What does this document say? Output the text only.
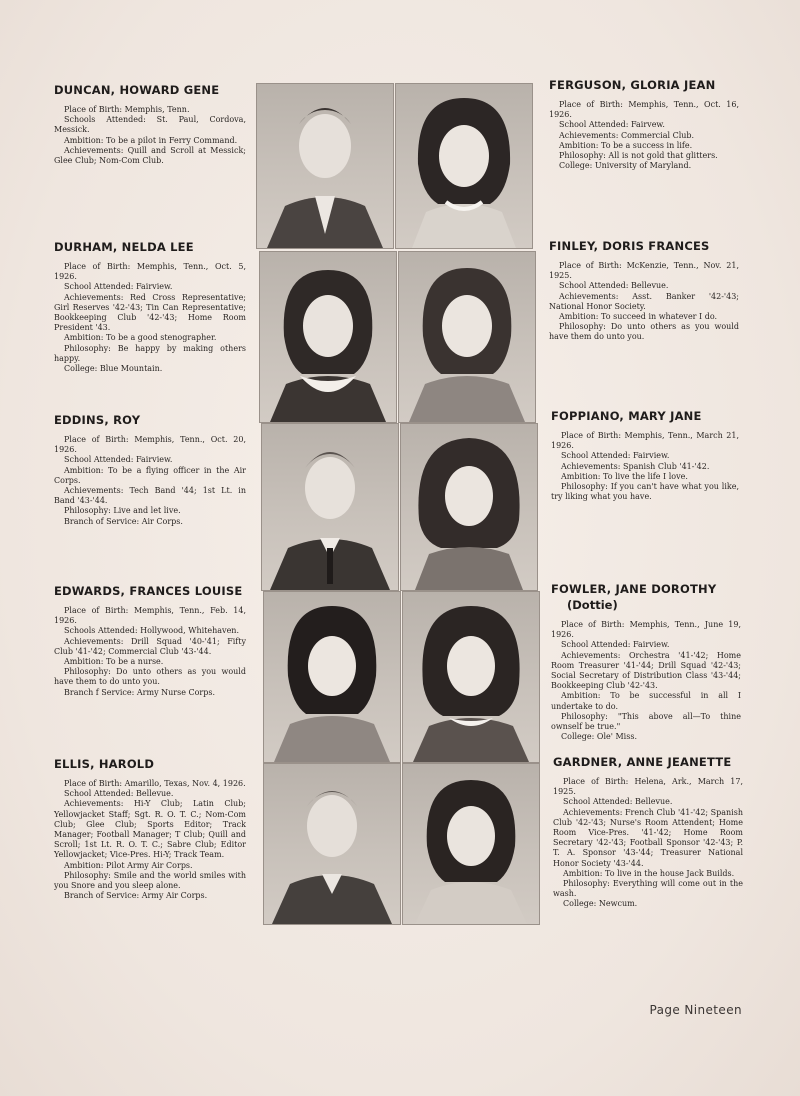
DUNCAN, HOWARD GENE

Place of Birth: Memphis, Tenn.

Schools Attended: St. Paul, Cordova, Messick.

Ambition: To be a pilot in Ferry Command.

Achievements: Quill and Scroll at Messick; Glee Club; Nom-Com Club.

DURHAM, NELDA LEE

Place of Birth: Memphis, Tenn., Oct. 5, 1926.

School Attended: Fairview.

Achievements: Red Cross Representative; Girl Reserves '42-'43; Tin Can Representative; Bookkeeping Club '42-'43; Home Room President '43.

Ambition: To be a good stenographer.

Philosophy: Be happy by making others happy.

College: Blue Mountain.

EDDINS, ROY

Place of Birth: Memphis, Tenn., Oct. 20, 1926.

School Attended: Fairview.

Ambition: To be a flying officer in the Air Corps.

Achievements: Tech Band '44; 1st Lt. in Band '43-'44.

Philosophy: Live and let live.

Branch of Service: Air Corps.

EDWARDS, FRANCES LOUISE

Place of Birth: Memphis, Tenn., Feb. 14, 1926.

Schools Attended: Hollywood, Whitehaven.

Achievements: Drill Squad '40-'41; Fifty Club '41-'42; Commercial Club '43-'44.

Ambition: To be a nurse.

Philosophy: Do unto others as you would have them to do unto you.

Branch f Service: Army Nurse Corps.

ELLIS, HAROLD

Place of Birth: Amarillo, Texas, Nov. 4, 1926.

School Attended: Bellevue.

Achievements: Hi-Y Club; Latin Club; Yellowjacket Staff; Sgt. R. O. T. C.; Nom-Com Club; Glee Club; Sports Editor; Track Manager; Football Manager; T Club; Quill and Scroll; 1st Lt. R. O. T. C.; Sabre Club; Editor Yellowjacket; Vice-Pres. Hi-Y; Track Team.

Ambition: Pilot Army Air Corps.

Philosophy: Smile and the world smiles with you Snore and you sleep alone.

Branch of Service: Army Air Corps.

FERGUSON, GLORIA JEAN

Place of Birth: Memphis, Tenn., Oct. 16, 1926.

School Attended: Fairvew.

Achievements: Commercial Club.

Ambition: To be a success in life.

Philosophy: All is not gold that glitters.

College: University of Maryland.

FINLEY, DORIS FRANCES

Place of Birth: McKenzie, Tenn., Nov. 21, 1925.

School Attended: Bellevue.

Achievements: Asst. Banker '42-'43; National Honor Society.

Ambition: To succeed in whatever I do.

Philosophy: Do unto others as you would have them do unto you.

FOPPIANO, MARY JANE

Place of Birth: Memphis, Tenn., March 21, 1926.

School Attended: Fairview.

Achievements: Spanish Club '41-'42.

Ambition: To live the life I love.

Philosophy: If you can't have what you like, try liking what you have.

FOWLER, JANE DOROTHY
(Dottie)

Place of Birth: Memphis, Tenn., June 19, 1926.

School Attended: Fairview.

Achievements: Orchestra '41-'42; Home Room Treasurer '41-'44; Drill Squad '42-'43; Social Secretary of Distribution Class '43-'44; Bookkeeping Club '42-'43.

Ambition: To be successful in all I undertake to do.

Philosophy: "This above all—To thine ownself be true."

College: Ole' Miss.

GARDNER, ANNE JEANETTE

Place of Birth: Helena, Ark., March 17, 1925.

School Attended: Bellevue.

Achievements: French Club '41-'42; Spanish Club '42-'43; Nurse's Room Attendent; Home Room Vice-Pres. '41-'42; Home Room Secretary '42-'43; Football Sponsor '42-'43; P. T. A. Sponsor '43-'44; Treasurer National Honor Society '43-'44.

Ambition: To live in the house Jack Builds.

Philosophy: Everything will come out in the wash.

College: Newcum.

Page Nineteen
